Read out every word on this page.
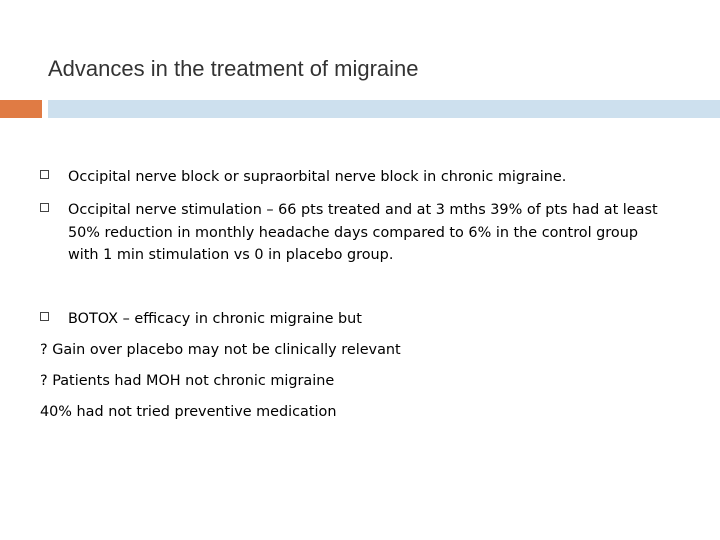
Advances in the treatment of migraine
Occipital nerve block or supraorbital nerve block in chronic migraine.
Occipital nerve stimulation – 66 pts treated and at 3 mths 39% of pts had at least 50% reduction in monthly headache days compared to 6% in the control group with 1 min stimulation vs 0 in placebo group.
BOTOX – efficacy in chronic migraine but
? Gain over placebo may not be clinically relevant
? Patients had MOH not chronic migraine
40% had not tried preventive medication
